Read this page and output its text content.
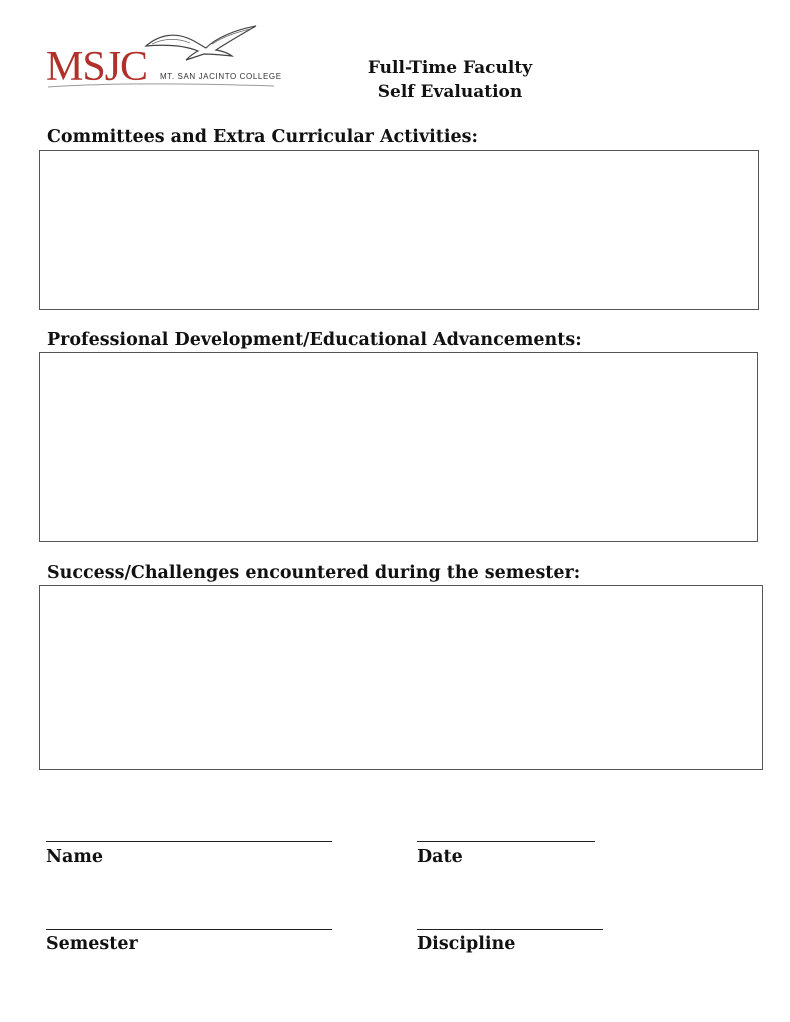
MSJC MT. SAN JACINTO COLLEGE	Full-Time Faculty
Self Evaluation
Committees and Extra Curricular Activities:
Professional Development/Educational Advancements:
Success/Challenges encountered during the semester:
Name	Date
Semester	Discipline
